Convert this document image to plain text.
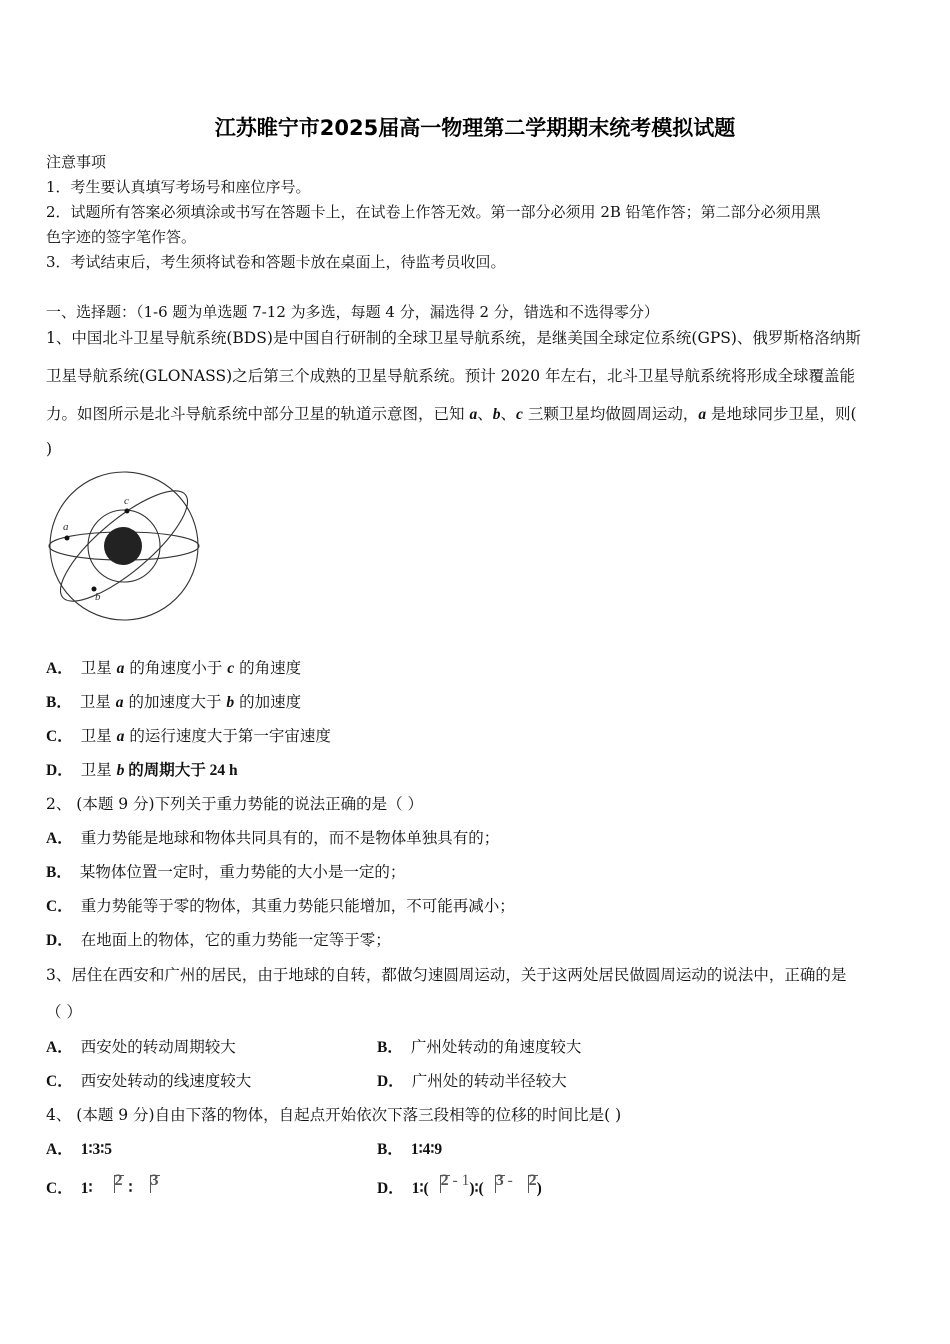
江苏睢宁市2025届高一物理第二学期期末统考模拟试题
注意事项
1．考生要认真填写考场号和座位序号。
2．试题所有答案必须填涂或书写在答题卡上，在试卷上作答无效。第一部分必须用 2B 铅笔作答；第二部分必须用黑
色字迹的签字笔作答。
3．考试结束后，考生须将试卷和答题卡放在桌面上，待监考员收回。
一、选择题：（1-6 题为单选题 7-12 为多选，每题 4 分，漏选得 2 分，错选和不选得零分）
1、中国北斗卫星导航系统(BDS)是中国自行研制的全球卫星导航系统，是继美国全球定位系统(GPS)、俄罗斯格洛纳斯
卫星导航系统(GLONASS)之后第三个成熟的卫星导航系统。预计 2020 年左右，北斗卫星导航系统将形成全球覆盖能
力。如图所示是北斗导航系统中部分卫星的轨道示意图，已知 a、b、c 三颗卫星均做圆周运动，a 是地球同步卫星，则(
)
a
c
b
A． 卫星 a 的角速度小于 c 的角速度
B． 卫星 a 的加速度大于 b 的加速度
C． 卫星 a 的运行速度大于第一宇宙速度
D． 卫星 b 的周期大于 24 h
2、 (本题 9 分)下列关于重力势能的说法正确的是（ ）
A． 重力势能是地球和物体共同具有的，而不是物体单独具有的；
B． 某物体位置一定时，重力势能的大小是一定的；
C． 重力势能等于零的物体，其重力势能只能增加，不可能再减小；
D． 在地面上的物体，它的重力势能一定等于零；
3、居住在西安和广州的居民，由于地球的自转，都做匀速圆周运动，关于这两处居民做圆周运动的说法中，正确的是
（ ）
A． 西安处的转动周期较大	B． 广州处转动的角速度较大
C． 西安处转动的线速度较大	D． 广州处的转动半径较大
4、 (本题 9 分)自由下落的物体，自起点开始依次下落三段相等的位移的时间比是( )
A． 1∶3∶5	B． 1∶4∶9
C． 1∶ 2 ∶ 3	D． 1∶( 2 - 1)∶( 3 - 2)
